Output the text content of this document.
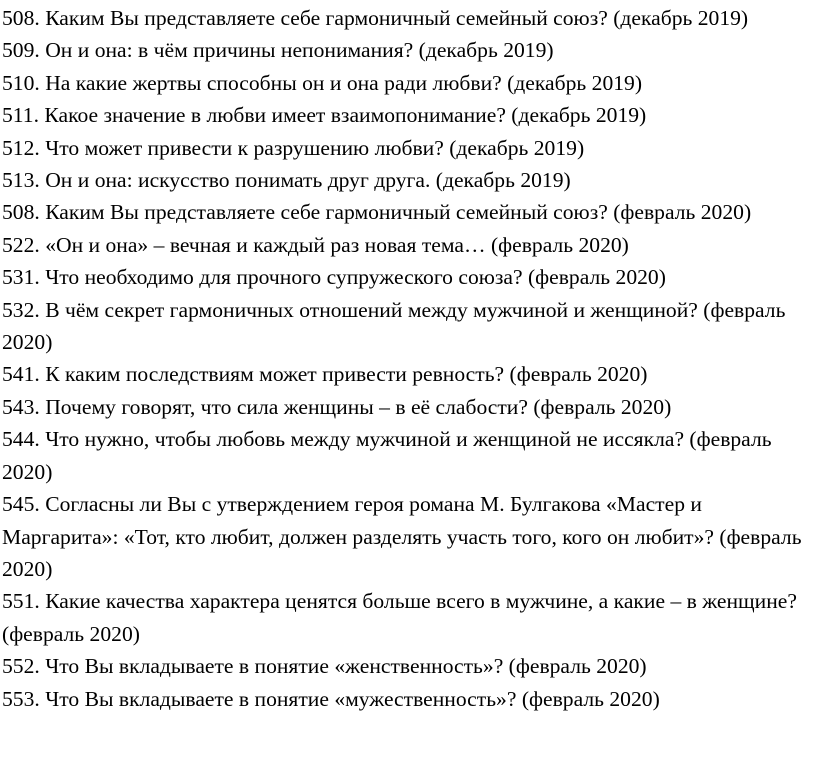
508. Каким Вы представляете себе гармоничный семейный союз? (декабрь 2019)

509. Он и она: в чём причины непонимания? (декабрь 2019)

510. На какие жертвы способны он и она ради любви? (декабрь 2019)

511. Какое значение в любви имеет взаимопонимание? (декабрь 2019)

512. Что может привести к разрушению любви? (декабрь 2019)

513. Он и она: искусство понимать друг друга. (декабрь 2019)

508. Каким Вы представляете себе гармоничный семейный союз? (февраль 2020)

522. «Он и она» – вечная и каждый раз новая тема… (февраль 2020)

531. Что необходимо для прочного супружеского союза? (февраль 2020)

532. В чём секрет гармоничных отношений между мужчиной и женщиной? (февраль 2020)

541. К каким последствиям может привести ревность? (февраль 2020)

543. Почему говорят, что сила женщины – в её слабости? (февраль 2020)

544. Что нужно, чтобы любовь между мужчиной и женщиной не иссякла? (февраль 2020)

545. Согласны ли Вы с утверждением героя романа М. Булгакова «Мастер и Маргарита»: «Тот, кто любит, должен разделять участь того, кого он любит»? (февраль 2020)

551. Какие качества характера ценятся больше всего в мужчине, а какие – в женщине? (февраль 2020)

552. Что Вы вкладываете в понятие «женственность»? (февраль 2020)

553. Что Вы вкладываете в понятие «мужественность»? (февраль 2020)
